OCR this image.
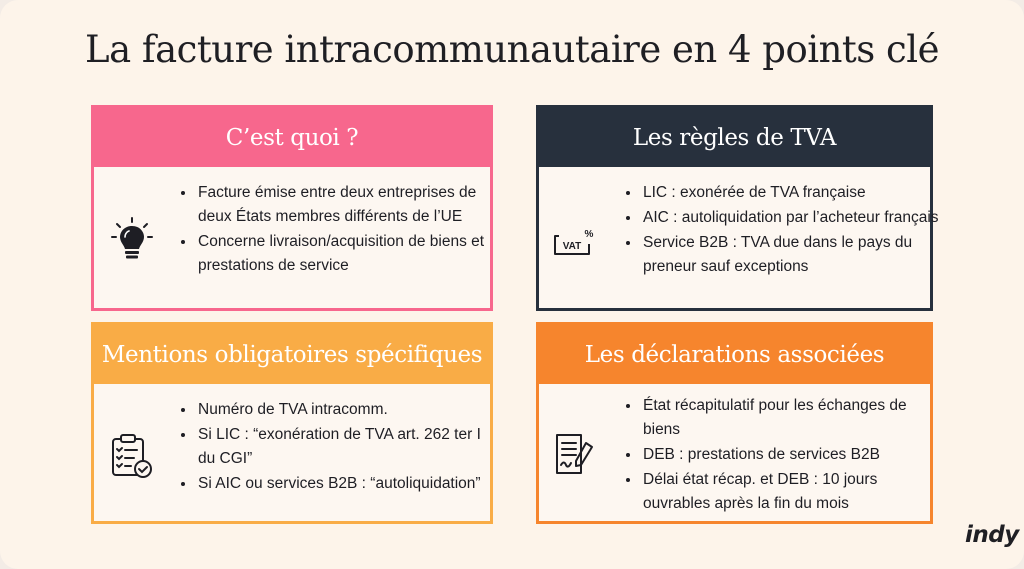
La facture intracommunautaire en 4 points clé
C’est quoi ?
• Facture émise entre deux entreprises de deux États membres différents de l’UE
• Concerne livraison/acquisition de biens et prestations de service
Les règles de TVA
VAT
%
• LIC : exonérée de TVA française
• AIC : autoliquidation par l’acheteur français
• Service B2B : TVA due dans le pays du preneur sauf exceptions
Mentions obligatoires spécifiques
• Numéro de TVA intracomm.
• Si LIC : “exonération de TVA art. 262 ter I du CGI”
• Si AIC ou services B2B : “autoliquidation”
Les déclarations associées
• État récapitulatif pour les échanges de biens
• DEB : prestations de services B2B
• Délai état récap. et DEB : 10 jours ouvrables après la fin du mois
indy
